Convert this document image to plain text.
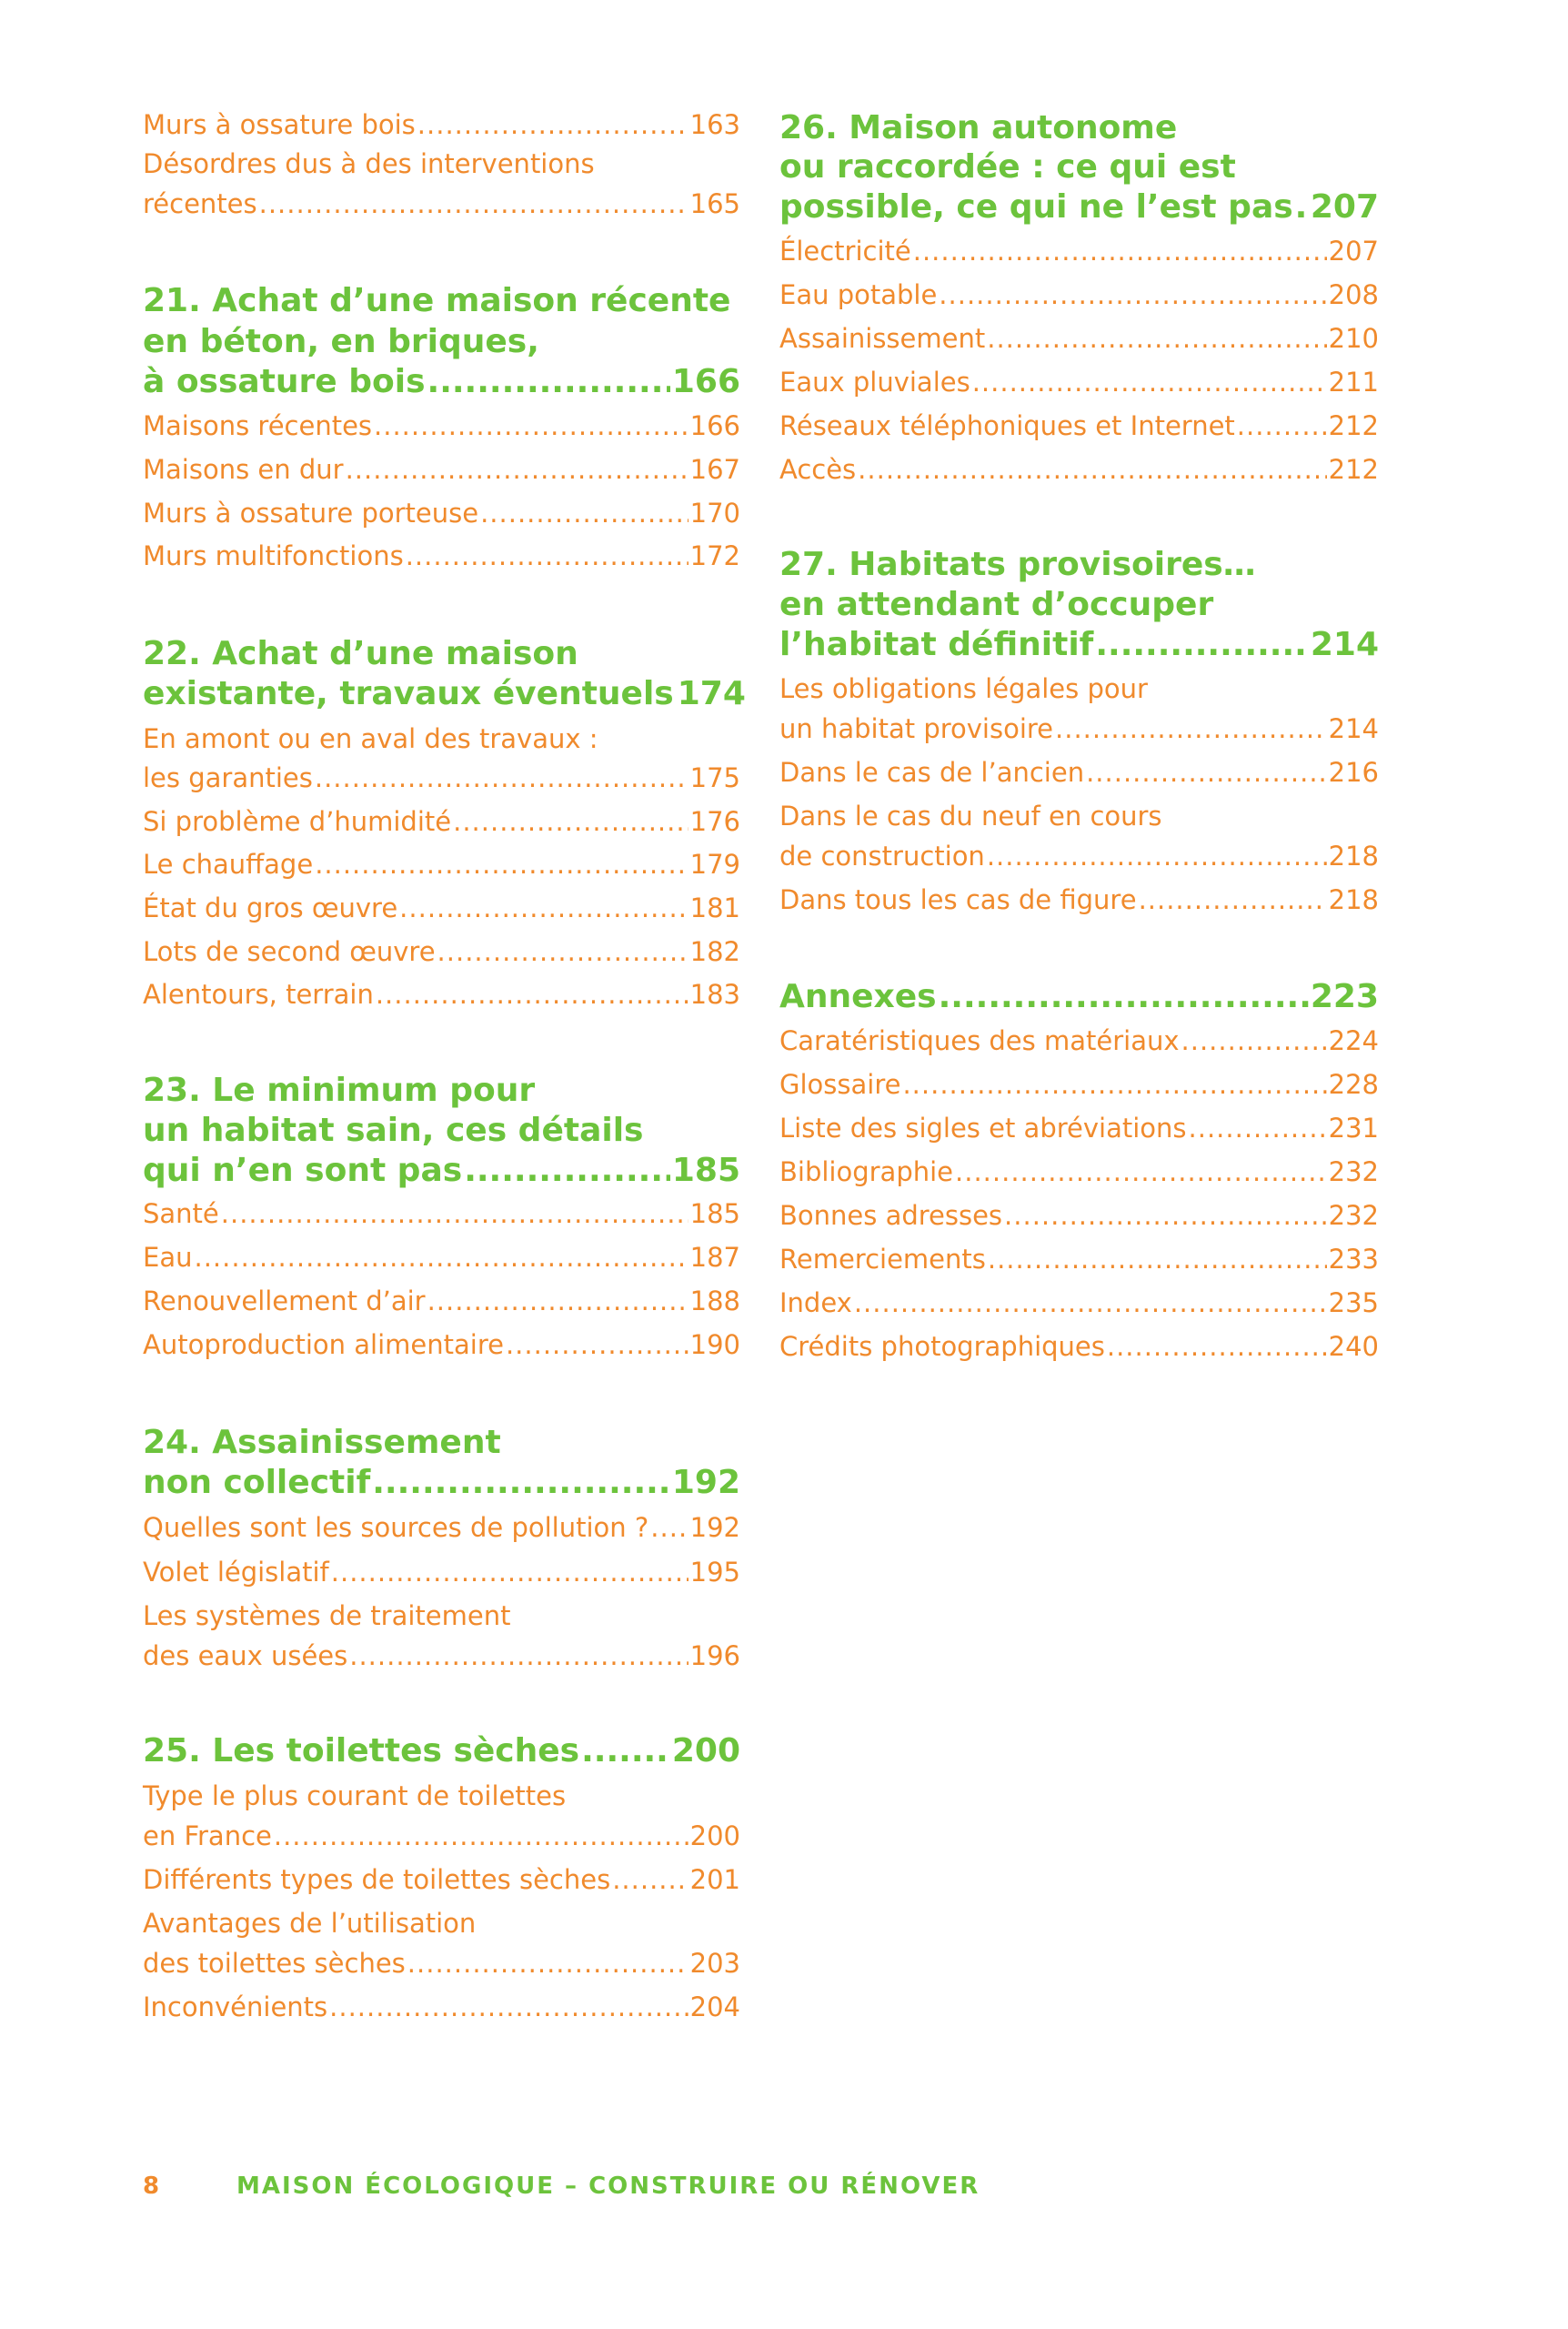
Murs à ossature bois .....	163
Désordres dus à des interventions
récentes .....	165
21. Achat d’une maison récente
en béton, en briques,
à ossature bois .....	166
Maisons récentes .....	166
Maisons en dur .....	167
Murs à ossature porteuse .....	170
Murs multifonctions .....	172
22. Achat d’une maison
existante, travaux éventuels 174
En amont ou en aval des travaux :
les garanties .....	175
Si problème d’humidité .....	176
Le chauffage .....	179
État du gros œuvre .....	181
Lots de second œuvre .....	182
Alentours, terrain .....	183
23. Le minimum pour
un habitat sain, ces détails
qui n’en sont pas .....	185
Santé .....	185
Eau .....	187
Renouvellement d’air .....	188
Autoproduction alimentaire .....	190
24. Assainissement
non collectif .....	192
Quelles sont les sources de pollution ? ..... 192
Volet législatif .....	195
Les systèmes de traitement
des eaux usées .....	196
25. Les toilettes sèches .....	200
Type le plus courant de toilettes
en France .....	200
Différents types de toilettes sèches .....	201
Avantages de l’utilisation
des toilettes sèches .....	203
Inconvénients .....	204
26. Maison autonome
ou raccordée : ce qui est
possible, ce qui ne l’est pas ..... 207
Électricité .....	207
Eau potable .....	208
Assainissement .....	210
Eaux pluviales .....	211
Réseaux téléphoniques et Internet .....	212
Accès .....	212
27. Habitats provisoires…
en attendant d’occuper
l’habitat définitif .....	214
Les obligations légales pour
un habitat provisoire .....	214
Dans le cas de l’ancien .....	216
Dans le cas du neuf en cours
de construction .....	218
Dans tous les cas de figure .....	218
Annexes .....	223
Caratéristiques des matériaux .....	224
Glossaire .....	228
Liste des sigles et abréviations .....	231
Bibliographie .....	232
Bonnes adresses .....	232
Remerciements .....	233
Index .....	235
Crédits photographiques .....	240
8	MAISON ÉCOLOGIQUE – CONSTRUIRE OU RÉNOVER
